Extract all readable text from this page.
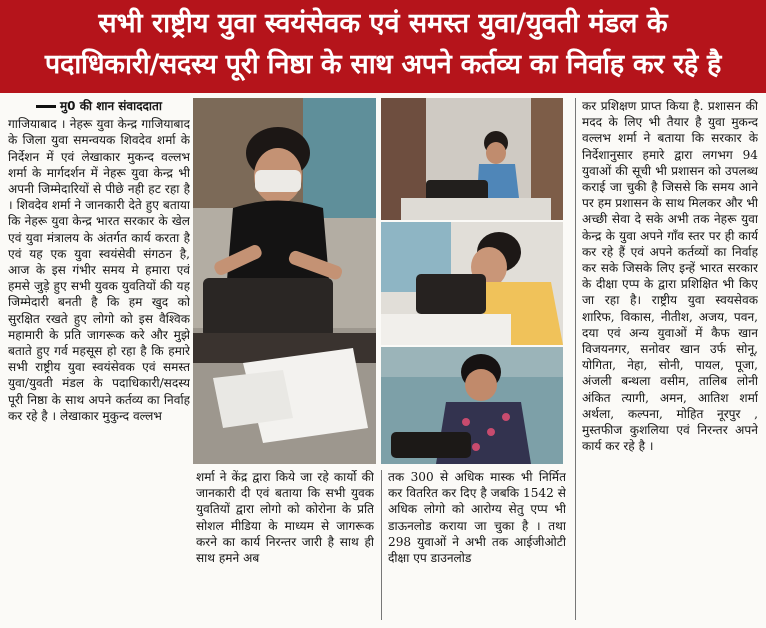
सभी राष्ट्रीय युवा स्वयंसेवक एवं समस्त युवा/युवती मंडल के
पदाधिकारी/सदस्य पूरी निष्ठा के साथ अपने कर्तव्य का निर्वाह कर रहे है
मु0 की शान संवाददाता
गाजियाबाद । नेहरू युवा केन्द्र गाजियाबाद के जिला युवा समन्वयक शिवदेव शर्मा के निर्देशन में एवं लेखाकार मुकन्द वल्लभ शर्मा के मार्गदर्शन में नेहरू युवा केन्द्र भी अपनी जिम्मेदारियों से पीछे नही हट रहा है । शिवदेव शर्मा ने जानकारी देते हुए बताया कि नेहरू युवा केन्द्र भारत सरकार के खेल एवं युवा मंत्रालय के अंतर्गत कार्य करता है एवं यह एक युवा स्वयंसेवी संगठन है, आज के इस गंभीर समय मे हमारा एवं हमसे जुड़े हुए सभी युवक युवतियों की यह जिम्मेदारी बनती है कि हम खुद को सुरक्षित रखते हुए लोगो को इस वैश्विक महामारी के प्रति जागरूक करे और मुझे बताते हुए गर्व महसूस हो रहा है कि हमारे सभी राष्ट्रीय युवा स्वयंसेवक एवं समस्त युवा/युवती मंडल के पदाधिकारी/सदस्य पूरी निष्ठा के साथ अपने कर्तव्य का निर्वाह कर रहे है । लेखाकार मुकुन्द वल्लभ
शर्मा ने केंद्र द्वारा किये जा रहे कार्यो की जानकारी दी एवं बताया कि सभी युवक युवतियों द्वारा लोगो को कोरोना के प्रति सोशल मीडिया के माध्यम से जागरूक करने का कार्य निरन्तर जारी है साथ ही साथ हमने अब
तक 300 से अधिक मास्क भी निर्मित कर वितरित कर दिए है जबकि 1542 से अधिक लोगो को आरोग्य सेतु एप्प भी डाऊनलोड कराया जा चुका है । तथा 298 युवाओं ने अभी तक आईजीओटी दीक्षा एप डाउनलोड
कर प्रशिक्षण प्राप्त किया है. प्रशासन की मदद के लिए भी तैयार है युवा मुकन्द वल्लभ शर्मा ने बताया कि सरकार के निर्देशानुसार हमारे द्वारा लगभग 94 युवाओं की सूची भी प्रशासन को उपलब्ध कराई जा चुकी है जिससे कि समय आने पर हम प्रशासन के साथ मिलकर और भी अच्छी सेवा दे सके अभी तक नेहरू युवा केन्द्र के युवा अपने गाँव स्तर पर ही कार्य कर रहे हैं एवं अपने कर्तव्यों का निर्वाह कर सके जिसके लिए इन्हें भारत सरकार के दीक्षा एप्प के द्वारा प्रशिक्षित भी किए जा रहा है। राष्ट्रीय युवा स्वयसेवक शारिफ, विकास, नीतीश, अजय, पवन, दया एवं अन्य युवाओं में कैफ खान विजयनगर, सनोवर खान उर्फ सोनू, योगिता, नेहा, सोनी, पायल, पूजा, अंजली बन्थला वसीम, तालिब लोनी अंकित त्यागी, अमन, आतिश शर्मा अर्थला, कल्पना, मोहित नूरपुर , मुस्तफीज कुशलिया एवं निरन्तर अपने कार्य कर रहे है ।
